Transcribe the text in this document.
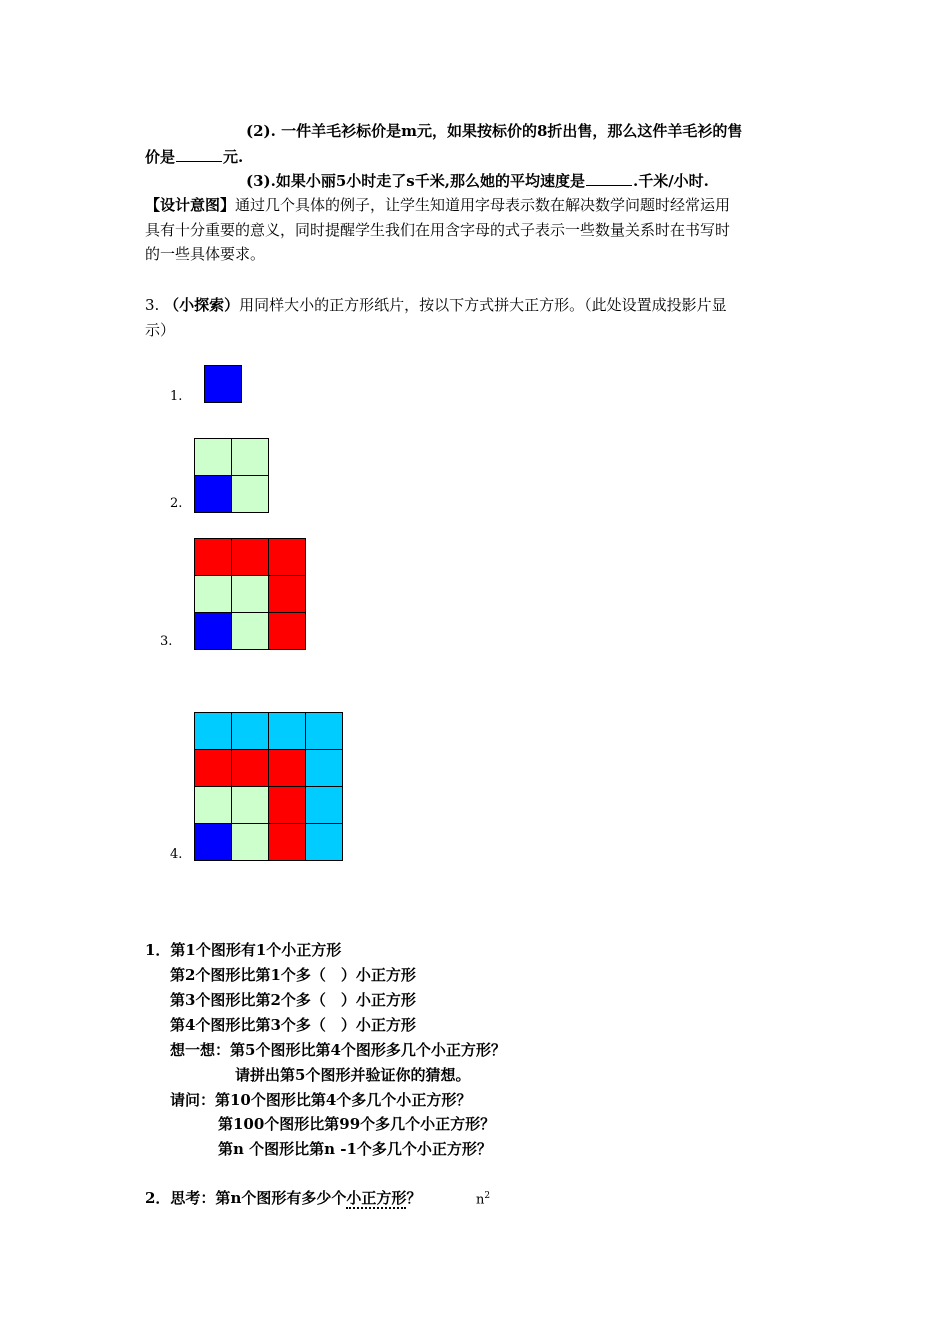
(2). 一件羊毛衫标价是m元，如果按标价的8折出售，那么这件羊毛衫的售
价是	元.
(3).如果小丽5小时走了s千米,那么她的平均速度是	.千米/小时.
【设计意图】通过几个具体的例子，让学生知道用字母表示数在解决数学问题时经常运用
具有十分重要的意义，同时提醒学生我们在用含字母的式子表示一些数量关系时在书写时
的一些具体要求。
3. （小探索）用同样大小的正方形纸片，按以下方式拼大正方形。（此处设置成投影片显
示）
1.
2.
3.
4.
1．第1个图形有1个小正方形
第2个图形比第1个多（　）小正方形
第3个图形比第2个多（　）小正方形
第4个图形比第3个多（　）小正方形
想一想：第5个图形比第4个图形多几个小正方形？
请拼出第5个图形并验证你的猜想。
请问：第10个图形比第4个多几个小正方形？
第100个图形比第99个多几个小正方形？
第n 个图形比第n -1个多几个小正方形？
2．思考：第n个图形有多少个小正方形？	$n^2$
